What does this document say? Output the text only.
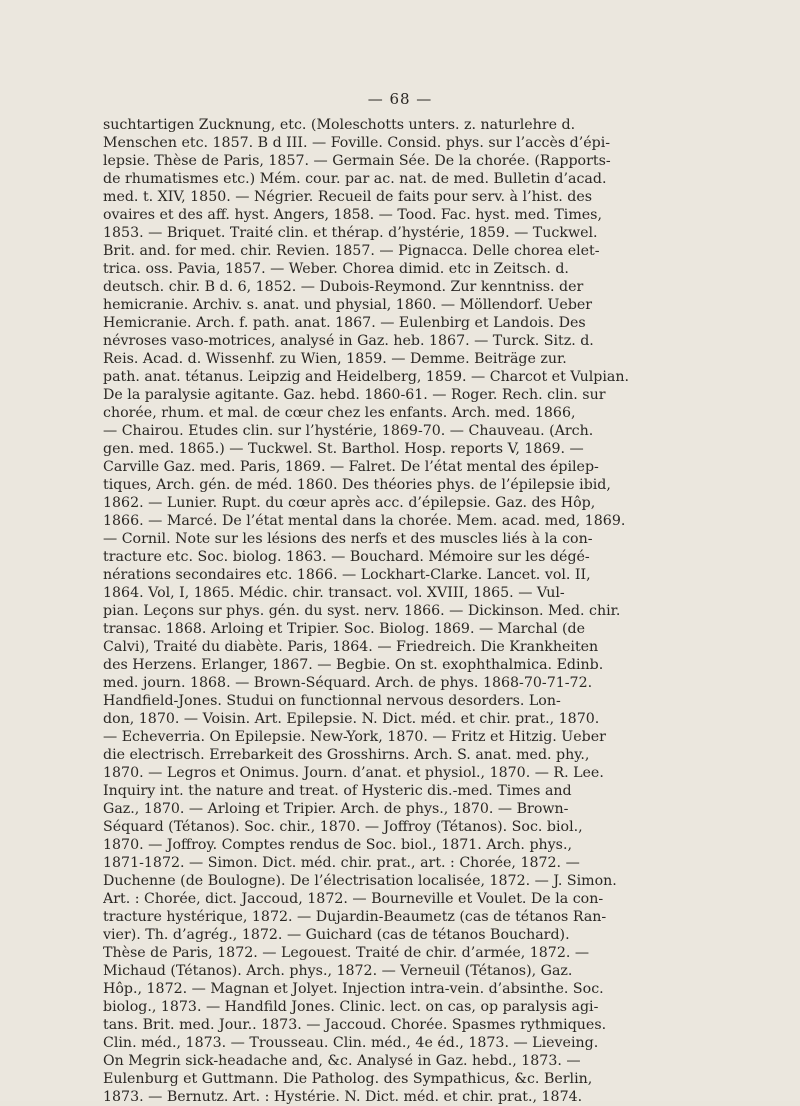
— 68 —
suchtartigen Zucknung, etc. (Moleschotts unters. z. naturlehre d.
Menschen etc. 1857. B d III. — Foville. Consid. phys. sur l’accès d’épi-
lepsie. Thèse de Paris, 1857. — Germain Sée. De la chorée. (Rapports-
de rhumatismes etc.) Mém. cour. par ac. nat. de med. Bulletin d’acad.
med. t. XIV, 1850. — Négrier. Recueil de faits pour serv. à l’hist. des
ovaires et des aff. hyst. Angers, 1858. — Tood. Fac. hyst. med. Times,
1853. — Briquet. Traité clin. et thérap. d’hystérie, 1859. — Tuckwel.
Brit. and. for med. chir. Revien. 1857. — Pignacca. Delle chorea elet-
trica. oss. Pavia, 1857. — Weber. Chorea dimid. etc in Zeitsch. d.
deutsch. chir. B d. 6, 1852. — Dubois-Reymond. Zur kenntniss. der
hemicranie. Archiv. s. anat. und physial, 1860. — Möllendorf. Ueber
Hemicranie. Arch. f. path. anat. 1867. — Eulenbirg et Landois. Des
névroses vaso-motrices, analysé in Gaz. heb. 1867. — Turck. Sitz. d.
Reis. Acad. d. Wissenhf. zu Wien, 1859. — Demme. Beiträge zur.
path. anat. tétanus. Leipzig and Heidelberg, 1859. — Charcot et Vulpian.
De la paralysie agitante. Gaz. hebd. 1860-61. — Roger. Rech. clin. sur
chorée, rhum. et mal. de cœur chez les enfants. Arch. med. 1866,
— Chairou. Etudes clin. sur l’hystérie, 1869-70. — Chauveau. (Arch.
gen. med. 1865.) — Tuckwel. St. Barthol. Hosp. reports V, 1869. —
Carville Gaz. med. Paris, 1869. — Falret. De l’état mental des épilep-
tiques, Arch. gén. de méd. 1860. Des théories phys. de l’épilepsie ibid,
1862. — Lunier. Rupt. du cœur après acc. d’épilepsie. Gaz. des Hôp,
1866. — Marcé. De l’état mental dans la chorée. Mem. acad. med, 1869.
— Cornil. Note sur les lésions des nerfs et des muscles liés à la con-
tracture etc. Soc. biolog. 1863. — Bouchard. Mémoire sur les dégé-
nérations secondaires etc. 1866. — Lockhart-Clarke. Lancet. vol. II,
1864. Vol, I, 1865. Médic. chir. transact. vol. XVIII, 1865. — Vul-
pian. Leçons sur phys. gén. du syst. nerv. 1866. — Dickinson. Med. chir.
transac. 1868. Arloing et Tripier. Soc. Biolog. 1869. — Marchal (de
Calvi), Traité du diabète. Paris, 1864. — Friedreich. Die Krankheiten
des Herzens. Erlanger, 1867. — Begbie. On st. exophthalmica. Edinb.
med. journ. 1868. — Brown-Séquard. Arch. de phys. 1868-70-71-72.
Handfield-Jones. Studui on functionnal nervous desorders. Lon-
don, 1870. — Voisin. Art. Epilepsie. N. Dict. méd. et chir. prat., 1870.
— Echeverria. On Epilepsie. New-York, 1870. — Fritz et Hitzig. Ueber
die electrisch. Errebarkeit des Grosshirns. Arch. S. anat. med. phy.,
1870. — Legros et Onimus. Journ. d’anat. et physiol., 1870. — R. Lee.
Inquiry int. the nature and treat. of Hysteric dis.-med. Times and
Gaz., 1870. — Arloing et Tripier. Arch. de phys., 1870. — Brown-
Séquard (Tétanos). Soc. chir., 1870. — Joffroy (Tétanos). Soc. biol.,
1870. — Joffroy. Comptes rendus de Soc. biol., 1871. Arch. phys.,
1871-1872. — Simon. Dict. méd. chir. prat., art. : Chorée, 1872. —
Duchenne (de Boulogne). De l’électrisation localisée, 1872. — J. Simon.
Art. : Chorée, dict. Jaccoud, 1872. — Bourneville et Voulet. De la con-
tracture hystérique, 1872. — Dujardin-Beaumetz (cas de tétanos Ran-
vier). Th. d’agrég., 1872. — Guichard (cas de tétanos Bouchard).
Thèse de Paris, 1872. — Legouest. Traité de chir. d’armée, 1872. —
Michaud (Tétanos). Arch. phys., 1872. — Verneuil (Tétanos), Gaz.
Hôp., 1872. — Magnan et Jolyet. Injection intra-vein. d’absinthe. Soc.
biolog., 1873. — Handfild Jones. Clinic. lect. on cas, op paralysis agi-
tans. Brit. med. Jour.. 1873. — Jaccoud. Chorée. Spasmes rythmiques.
Clin. méd., 1873. — Trousseau. Clin. méd., 4e éd., 1873. — Lieveing.
On Megrin sick-headache and, &c. Analysé in Gaz. hebd., 1873. —
Eulenburg et Guttmann. Die Patholog. des Sympathicus, &c. Berlin,
1873. — Bernutz. Art. : Hystérie. N. Dict. méd. et chir. prat., 1874.
